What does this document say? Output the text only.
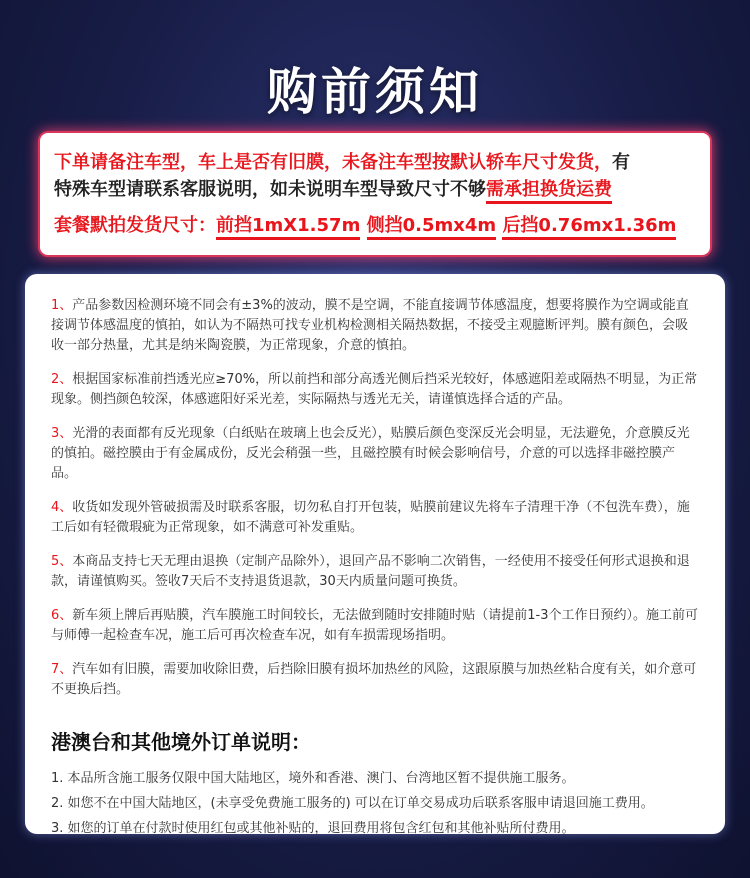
购前须知
下单请备注车型，车上是否有旧膜，未备注车型按默认轿车尺寸发货，有
特殊车型请联系客服说明，如未说明车型导致尺寸不够需承担换货运费
套餐默拍发货尺寸：前挡1mX1.57m 侧挡0.5mx4m 后挡0.76mx1.36m
1、产品参数因检测环境不同会有±3%的波动，膜不是空调，不能直接调节体感温度，想要将膜作为空调或能直接调节体感温度的慎拍，如认为不隔热可找专业机构检测相关隔热数据，不接受主观臆断评判。膜有颜色，会吸收一部分热量，尤其是纳米陶瓷膜，为正常现象，介意的慎拍。
2、根据国家标准前挡透光应≥70%，所以前挡和部分高透光侧后挡采光较好，体感遮阳差或隔热不明显，为正常现象。侧挡颜色较深，体感遮阳好采光差，实际隔热与透光无关，请谨慎选择合适的产品。
3、光滑的表面都有反光现象（白纸贴在玻璃上也会反光），贴膜后颜色变深反光会明显，无法避免，介意膜反光的慎拍。磁控膜由于有金属成份，反光会稍强一些，且磁控膜有时候会影响信号，介意的可以选择非磁控膜产品。
4、收货如发现外管破损需及时联系客服，切勿私自打开包装，贴膜前建议先将车子清理干净（不包洗车费），施工后如有轻微瑕疵为正常现象，如不满意可补发重贴。
5、本商品支持七天无理由退换（定制产品除外），退回产品不影响二次销售，一经使用不接受任何形式退换和退款，请谨慎购买。签收7天后不支持退货退款，30天内质量问题可换货。
6、新车须上牌后再贴膜，汽车膜施工时间较长，无法做到随时安排随时贴（请提前1-3个工作日预约）。施工前可与师傅一起检查车况，施工后可再次检查车况，如有车损需现场指明。
7、汽车如有旧膜，需要加收除旧费，后挡除旧膜有损坏加热丝的风险，这跟原膜与加热丝粘合度有关，如介意可不更换后挡。
港澳台和其他境外订单说明：
1. 本品所含施工服务仅限中国大陆地区，境外和香港、澳门、台湾地区暂不提供施工服务。
2. 如您不在中国大陆地区，(未享受免费施工服务的) 可以在订单交易成功后联系客服申请退回施工费用。
3. 如您的订单在付款时使用红包或其他补贴的，退回费用将包含红包和其他补贴所付费用。
